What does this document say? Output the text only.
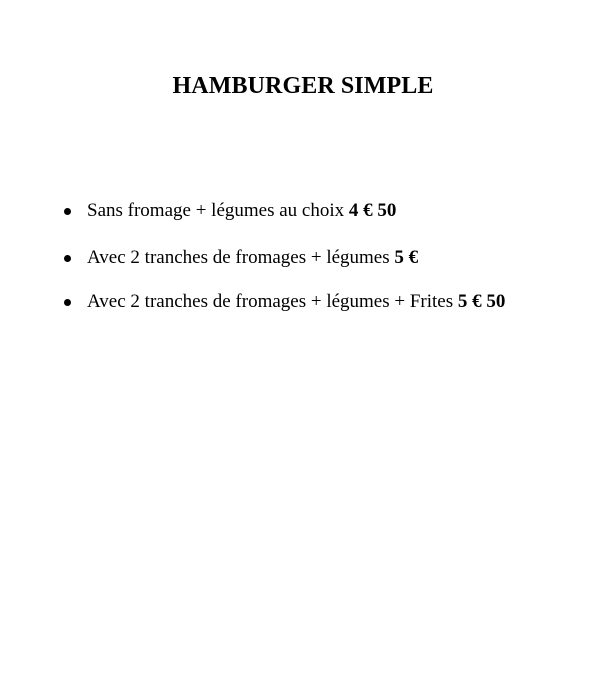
HAMBURGER SIMPLE
Sans fromage + légumes au choix 4 € 50
Avec 2 tranches de fromages + légumes 5 €
Avec 2 tranches de fromages + légumes + Frites 5 € 50
